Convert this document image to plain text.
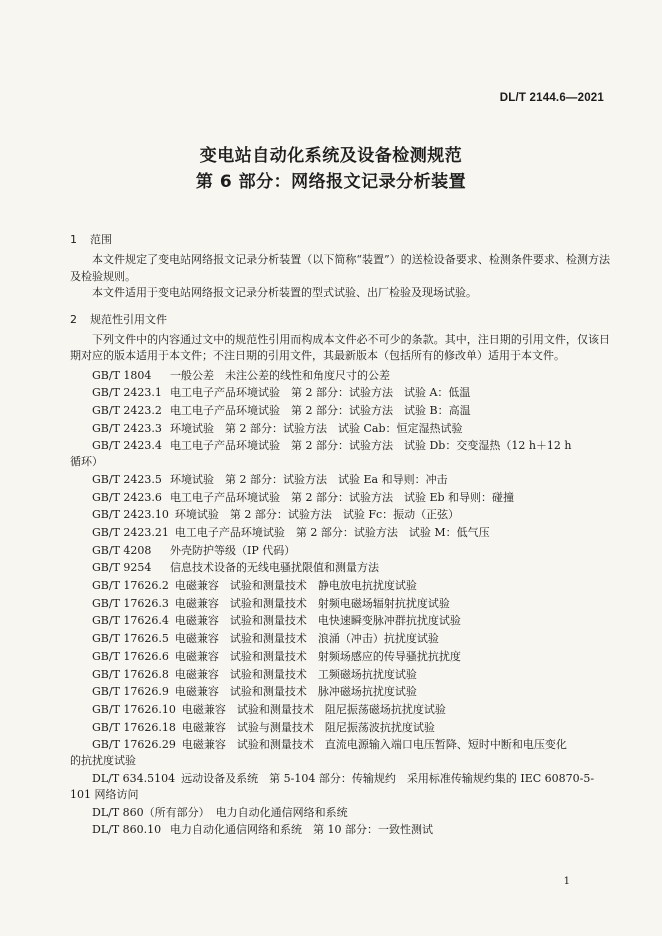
DL/T 2144.6—2021
变电站自动化系统及设备检测规范
第 6 部分：网络报文记录分析装置
1 范围

本文件规定了变电站网络报文记录分析装置（以下简称“装置”）的送检设备要求、检测条件要求、检测方法及检验规则。

本文件适用于变电站网络报文记录分析装置的型式试验、出厂检验及现场试验。

2 规范性引用文件

下列文件中的内容通过文中的规范性引用而构成本文件必不可少的条款。其中，注日期的引用文件，仅该日期对应的版本适用于本文件；不注日期的引用文件，其最新版本（包括所有的修改单）适用于本文件。

GB/T 1804 一般公差　未注公差的线性和角度尺寸的公差
GB/T 2423.1 电工电子产品环境试验　第 2 部分：试验方法　试验 A：低温
GB/T 2423.2 电工电子产品环境试验　第 2 部分：试验方法　试验 B：高温
GB/T 2423.3 环境试验　第 2 部分：试验方法　试验 Cab：恒定湿热试验
GB/T 2423.4 电工电子产品环境试验　第 2 部分：试验方法　试验 Db：交变湿热（12 h＋12 h
循环）
GB/T 2423.5 环境试验　第 2 部分：试验方法　试验 Ea 和导则：冲击
GB/T 2423.6 电工电子产品环境试验　第 2 部分：试验方法　试验 Eb 和导则：碰撞
GB/T 2423.10 环境试验　第 2 部分：试验方法　试验 Fc：振动（正弦）
GB/T 2423.21 电工电子产品环境试验　第 2 部分：试验方法　试验 M：低气压
GB/T 4208 外壳防护等级（IP 代码）
GB/T 9254 信息技术设备的无线电骚扰限值和测量方法
GB/T 17626.2 电磁兼容　试验和测量技术　静电放电抗扰度试验
GB/T 17626.3 电磁兼容　试验和测量技术　射频电磁场辐射抗扰度试验
GB/T 17626.4 电磁兼容　试验和测量技术　电快速瞬变脉冲群抗扰度试验
GB/T 17626.5 电磁兼容　试验和测量技术　浪涌（冲击）抗扰度试验
GB/T 17626.6 电磁兼容　试验和测量技术　射频场感应的传导骚扰抗扰度
GB/T 17626.8 电磁兼容　试验和测量技术　工频磁场抗扰度试验
GB/T 17626.9 电磁兼容　试验和测量技术　脉冲磁场抗扰度试验
GB/T 17626.10 电磁兼容　试验和测量技术　阻尼振荡磁场抗扰度试验
GB/T 17626.18 电磁兼容　试验与测量技术　阻尼振荡波抗扰度试验
GB/T 17626.29 电磁兼容　试验和测量技术　直流电源输入端口电压暂降、短时中断和电压变化
的抗扰度试验
DL/T 634.5104 远动设备及系统　第 5-104 部分：传输规约　采用标准传输规约集的 IEC 60870-5-
101 网络访问
DL/T 860（所有部分） 电力自动化通信网络和系统
DL/T 860.10 电力自动化通信网络和系统　第 10 部分：一致性测试
1
